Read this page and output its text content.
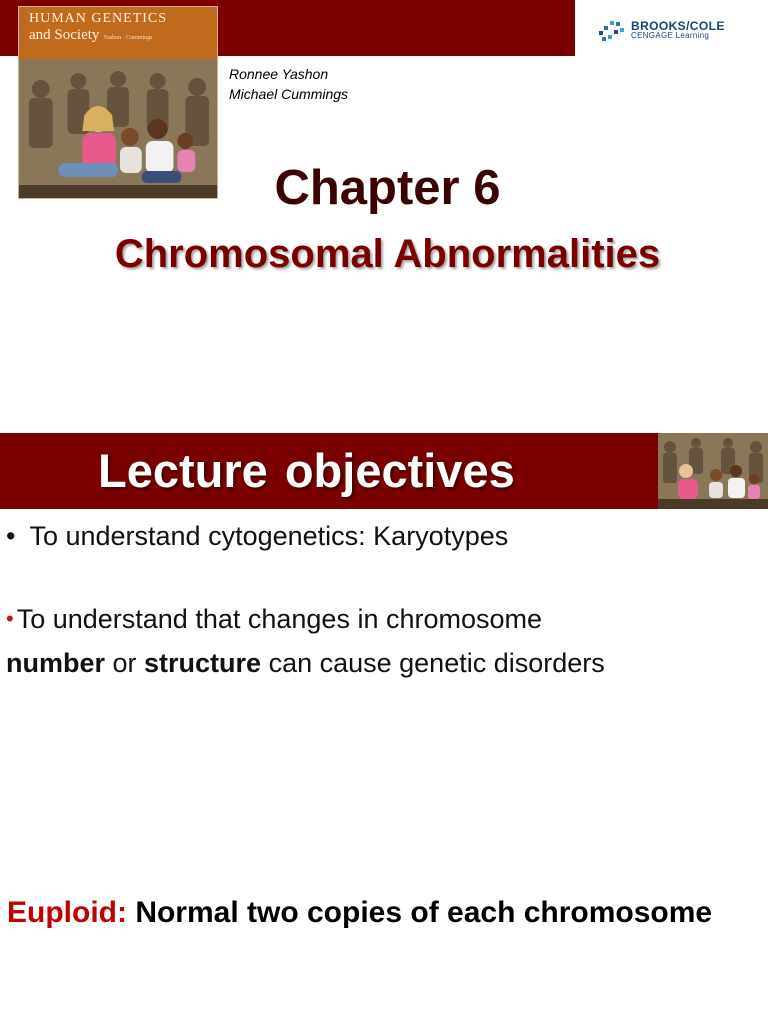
HUMAN GENETICS
and Society Yashon · Cummings
BROOKS/COLE
CENGAGE Learning
Ronnee Yashon
Michael Cummings
Chapter 6
Chromosomal Abnormalities
Lecture objectives
• To understand cytogenetics: Karyotypes
• To understand that changes in chromosome
number or structure can cause genetic disorders
Euploid: Normal two copies of each chromosome
